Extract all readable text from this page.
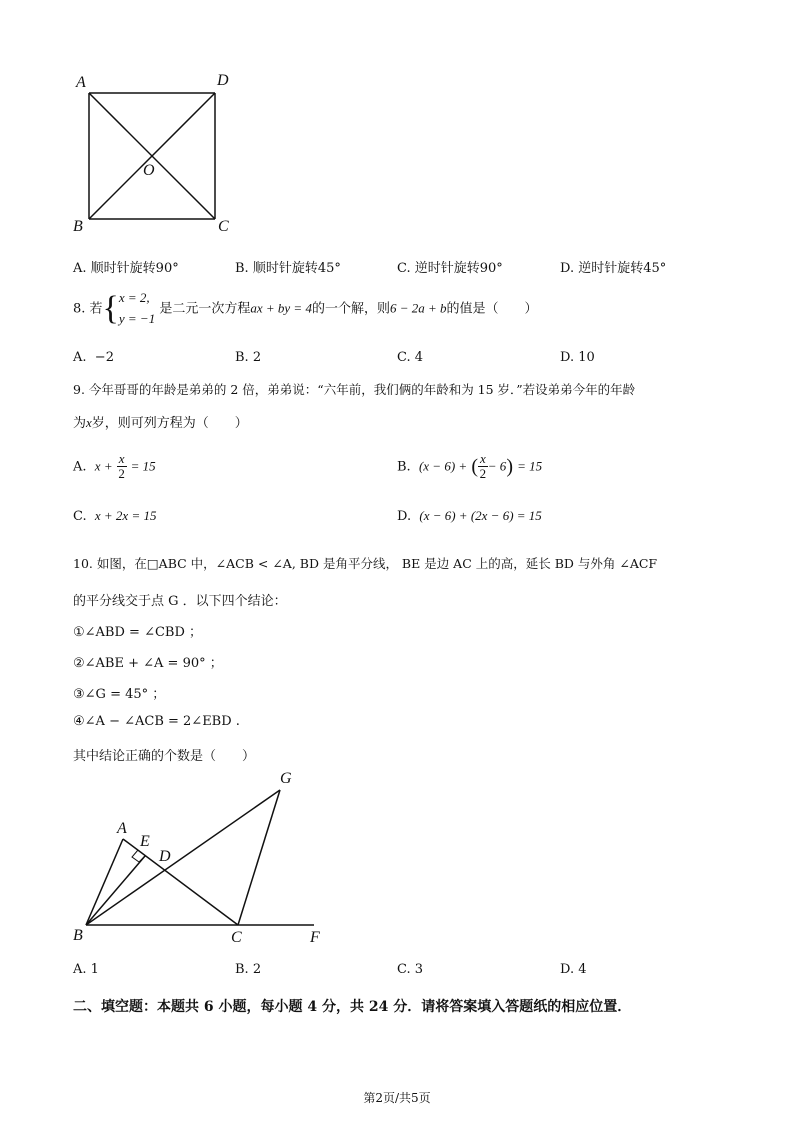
A	D
O
B	C
A. 顺时针旋转90°	B. 顺时针旋转45°	C. 逆时针旋转90°	D. 逆时针旋转45°
8. 若{ x = 2,
y = −1
是二元一次方程ax + by = 4的一个解，则6 − 2a + b的值是（　　）
A. −2	B. 2	C. 4	D. 10
9. 今年哥哥的年龄是弟弟的 2 倍，弟弟说：“六年前，我们俩的年龄和为 15 岁．”若设弟弟今年的年龄
为x岁，则可列方程为（　　）
A. $x + \frac{x}{2} = 15$	B. (x − 6) + ( $\frac{x}{2} - 6) = 15$
C. x + 2x = 15	D. (x − 6) + (2x − 6) = 15
10. 如图，在□ABC 中，∠ACB < ∠A, BD 是角平分线， BE 是边 AC 上的高，延长 BD 与外角 ∠ACF
的平分线交于点 G ．以下四个结论：
①∠ABD = ∠CBD ；
②∠ABE + ∠A = 90° ；
③∠G = 45° ；
④∠A − ∠ACB = 2∠EBD .
其中结论正确的个数是（　　）
G
A
E
D
B	C	F
A. 1	B. 2	C. 3	D. 4
二、填空题：本题共 6 小题，每小题 4 分，共 24 分．请将答案填入答题纸的相应位置．
第2页/共5页
